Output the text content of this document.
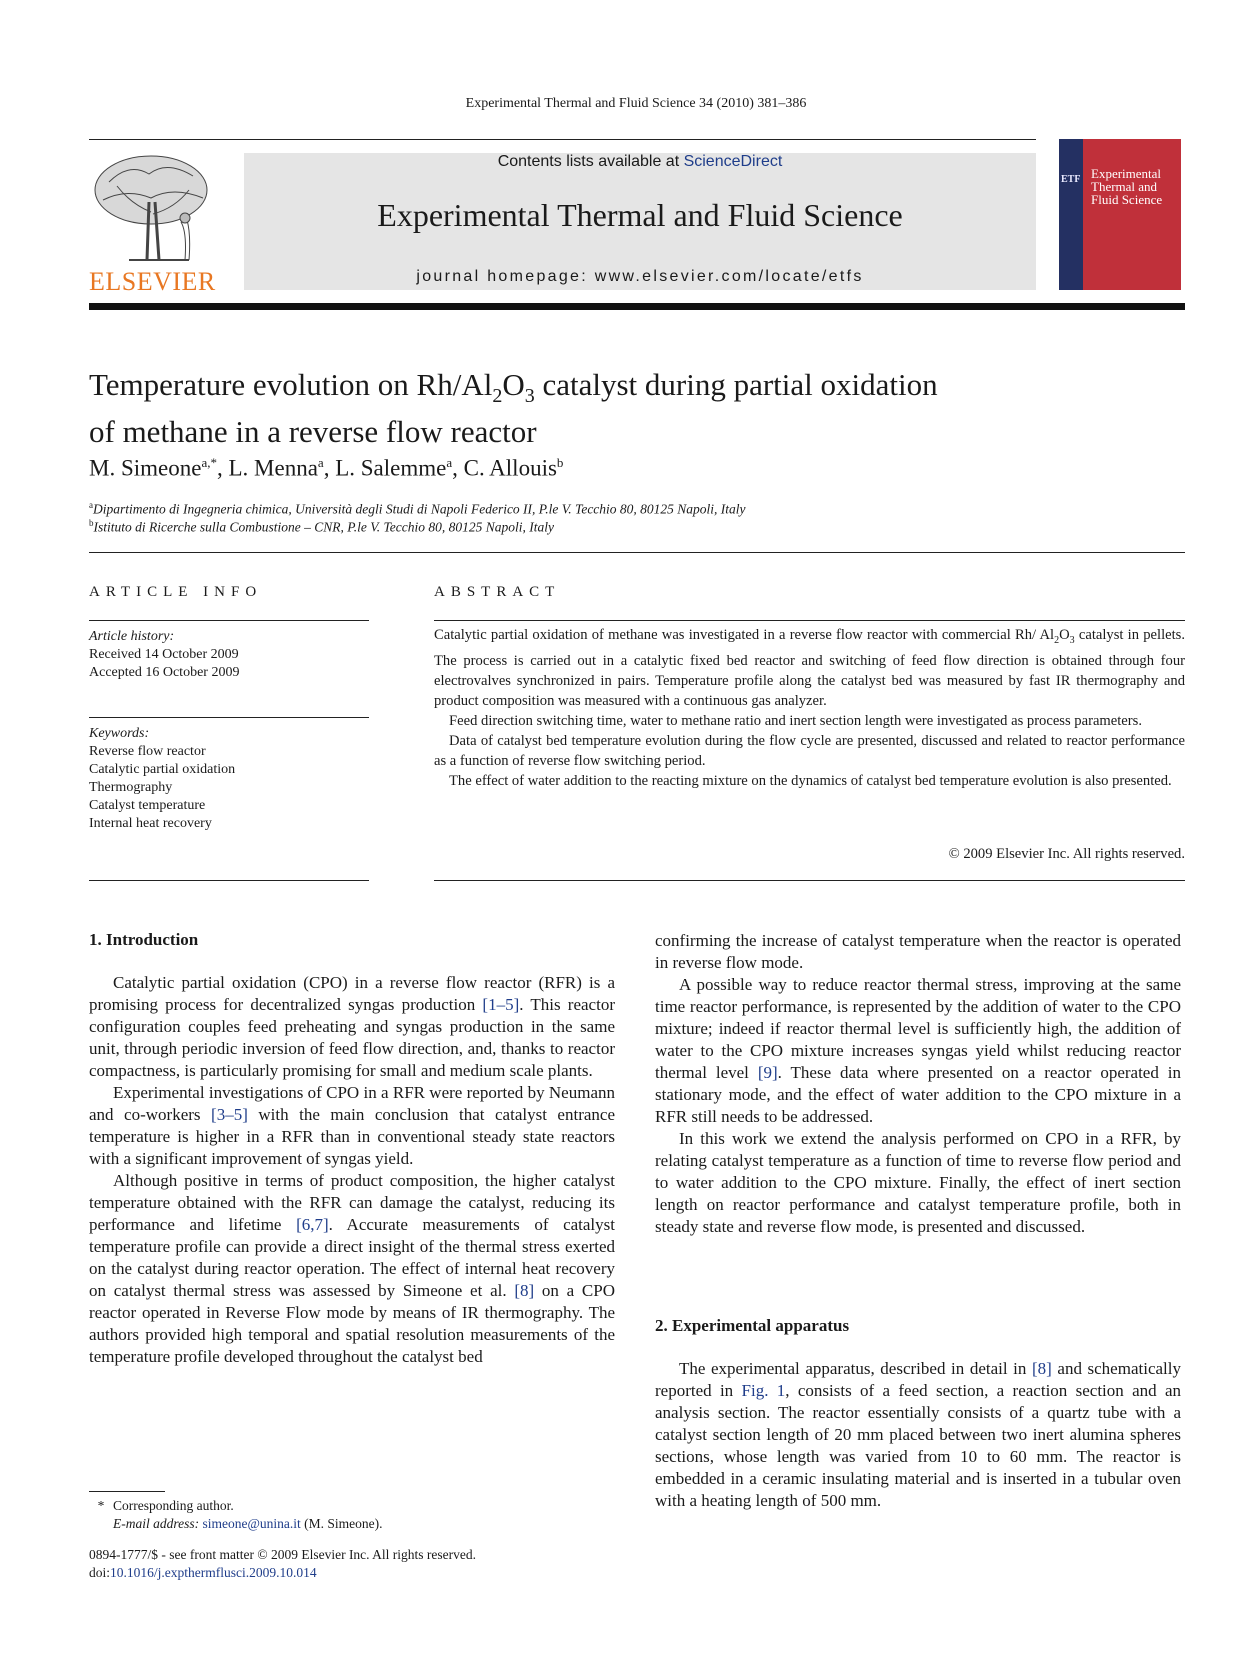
Experimental Thermal and Fluid Science 34 (2010) 381–386
ELSEVIER
Contents lists available at ScienceDirect
Experimental Thermal and Fluid Science
journal homepage: www.elsevier.com/locate/etfs
ETF Experimental Thermal and Fluid Science
Temperature evolution on $Rh/Al_2O_3$ catalyst during partial oxidation
of methane in a reverse flow reactor
M. Simeone$^{a,*}$, L. Menna$^a$, L. Salemme$^a$, C. Allouis$^b$
$^a$Dipartimento di Ingegneria chimica, Università degli Studi di Napoli Federico II, P.le V. Tecchio 80, 80125 Napoli, Italy
$^b$Istituto di Ricerche sulla Combustione – CNR, P.le V. Tecchio 80, 80125 Napoli, Italy
ARTICLE INFO
Article history:
Received 14 October 2009
Accepted 16 October 2009
Keywords:
Reverse flow reactor
Catalytic partial oxidation
Thermography
Catalyst temperature
Internal heat recovery
ABSTRACT

Catalytic partial oxidation of methane was investigated in a reverse flow reactor with commercial Rh/ $Al_2O_3$ catalyst in pellets. The process is carried out in a catalytic fixed bed reactor and switching of feed flow direction is obtained through four electrovalves synchronized in pairs. Temperature profile along the catalyst bed was measured by fast IR thermography and product composition was measured with a continuous gas analyzer.

Feed direction switching time, water to methane ratio and inert section length were investigated as process parameters.

Data of catalyst bed temperature evolution during the flow cycle are presented, discussed and related to reactor performance as a function of reverse flow switching period.

The effect of water addition to the reacting mixture on the dynamics of catalyst bed temperature evolution is also presented.

© 2009 Elsevier Inc. All rights reserved.
1. Introduction

Catalytic partial oxidation (CPO) in a reverse flow reactor (RFR) is a promising process for decentralized syngas production [1–5]. This reactor configuration couples feed preheating and syngas production in the same unit, through periodic inversion of feed flow direction, and, thanks to reactor compactness, is particularly promising for small and medium scale plants.

Experimental investigations of CPO in a RFR were reported by Neumann and co-workers [3–5] with the main conclusion that catalyst entrance temperature is higher in a RFR than in conventional steady state reactors with a significant improvement of syngas yield.

Although positive in terms of product composition, the higher catalyst temperature obtained with the RFR can damage the catalyst, reducing its performance and lifetime [6,7]. Accurate measurements of catalyst temperature profile can provide a direct insight of the thermal stress exerted on the catalyst during reactor operation. The effect of internal heat recovery on catalyst thermal stress was assessed by Simeone et al. [8] on a CPO reactor operated in Reverse Flow mode by means of IR thermography. The authors provided high temporal and spatial resolution measurements of the temperature profile developed throughout the catalyst bed

confirming the increase of catalyst temperature when the reactor is operated in reverse flow mode.

A possible way to reduce reactor thermal stress, improving at the same time reactor performance, is represented by the addition of water to the CPO mixture; indeed if reactor thermal level is sufficiently high, the addition of water to the CPO mixture increases syngas yield whilst reducing reactor thermal level [9]. These data where presented on a reactor operated in stationary mode, and the effect of water addition to the CPO mixture in a RFR still needs to be addressed.

In this work we extend the analysis performed on CPO in a RFR, by relating catalyst temperature as a function of time to reverse flow period and to water addition to the CPO mixture. Finally, the effect of inert section length on reactor performance and catalyst temperature profile, both in steady state and reverse flow mode, is presented and discussed.

2. Experimental apparatus

The experimental apparatus, described in detail in [8] and schematically reported in Fig. 1, consists of a feed section, a reaction section and an analysis section. The reactor essentially consists of a quartz tube with a catalyst section length of 20 mm placed between two inert alumina spheres sections, whose length was varied from 10 to 60 mm. The reactor is embedded in a ceramic insulating material and is inserted in a tubular oven with a heating length of 500 mm.

* Corresponding author.
E-mail address: simeone@unina.it (M. Simeone).
0894-1777/$ - see front matter © 2009 Elsevier Inc. All rights reserved.
doi:10.1016/j.expthermflusci.2009.10.014
